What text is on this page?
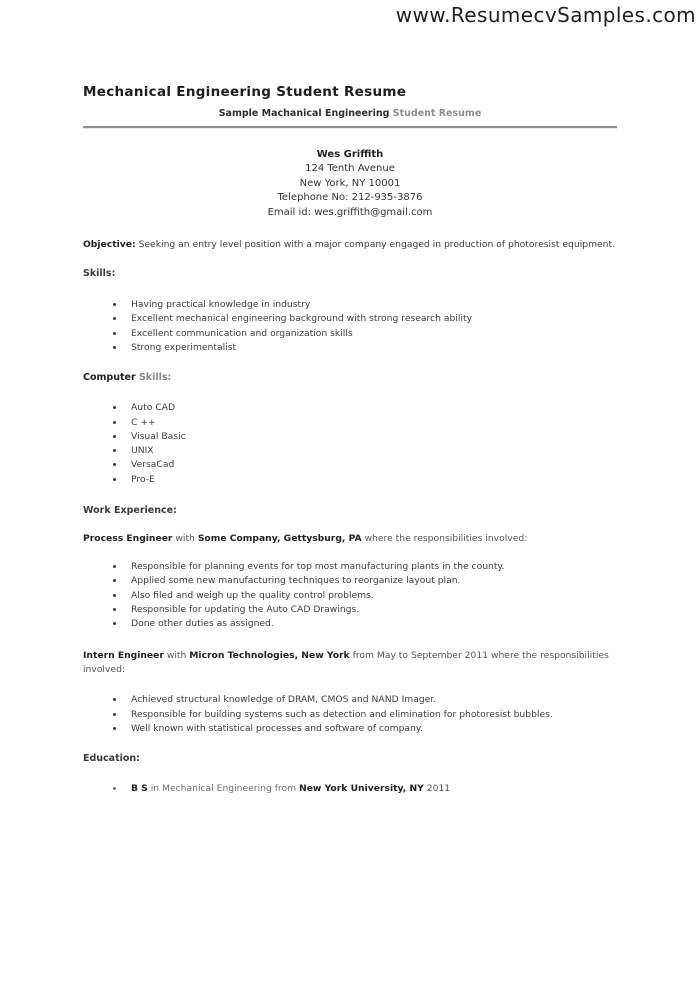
www.ResumecvSamples.com
Mechanical Engineering Student Resume
Sample Machanical Engineering Student Resume
Wes Griffith
124 Tenth Avenue
New York, NY 10001
Telephone No: 212-935-3876
Email id: wes.griffith@gmail.com

Objective: Seeking an entry level position with a major company engaged in production of photoresist equipment.

Skills:
• Having practical knowledge in industry
• Excellent mechanical engineering background with strong research ability
• Excellent communication and organization skills
• Strong experimentalist
Computer Skills:
• Auto CAD
• C ++
• Visual Basic
• UNIX
• VersaCad
• Pro-E
Work Experience:

Process Engineer with Some Company, Gettysburg, PA where the responsibilities involved:

• Responsible for planning events for top most manufacturing plants in the county.
• Applied some new manufacturing techniques to reorganize layout plan.
• Also filed and weigh up the quality control problems.
• Responsible for updating the Auto CAD Drawings.
• Done other duties as assigned.

Intern Engineer with Micron Technologies, New York from May to September 2011 where the responsibilities involved:

• Achieved structural knowledge of DRAM, CMOS and NAND Imager.
• Responsible for building systems such as detection and elimination for photoresist bubbles.
• Well known with statistical processes and software of company.
Education:
• B S in Mechanical Engineering from New York University, NY 2011
